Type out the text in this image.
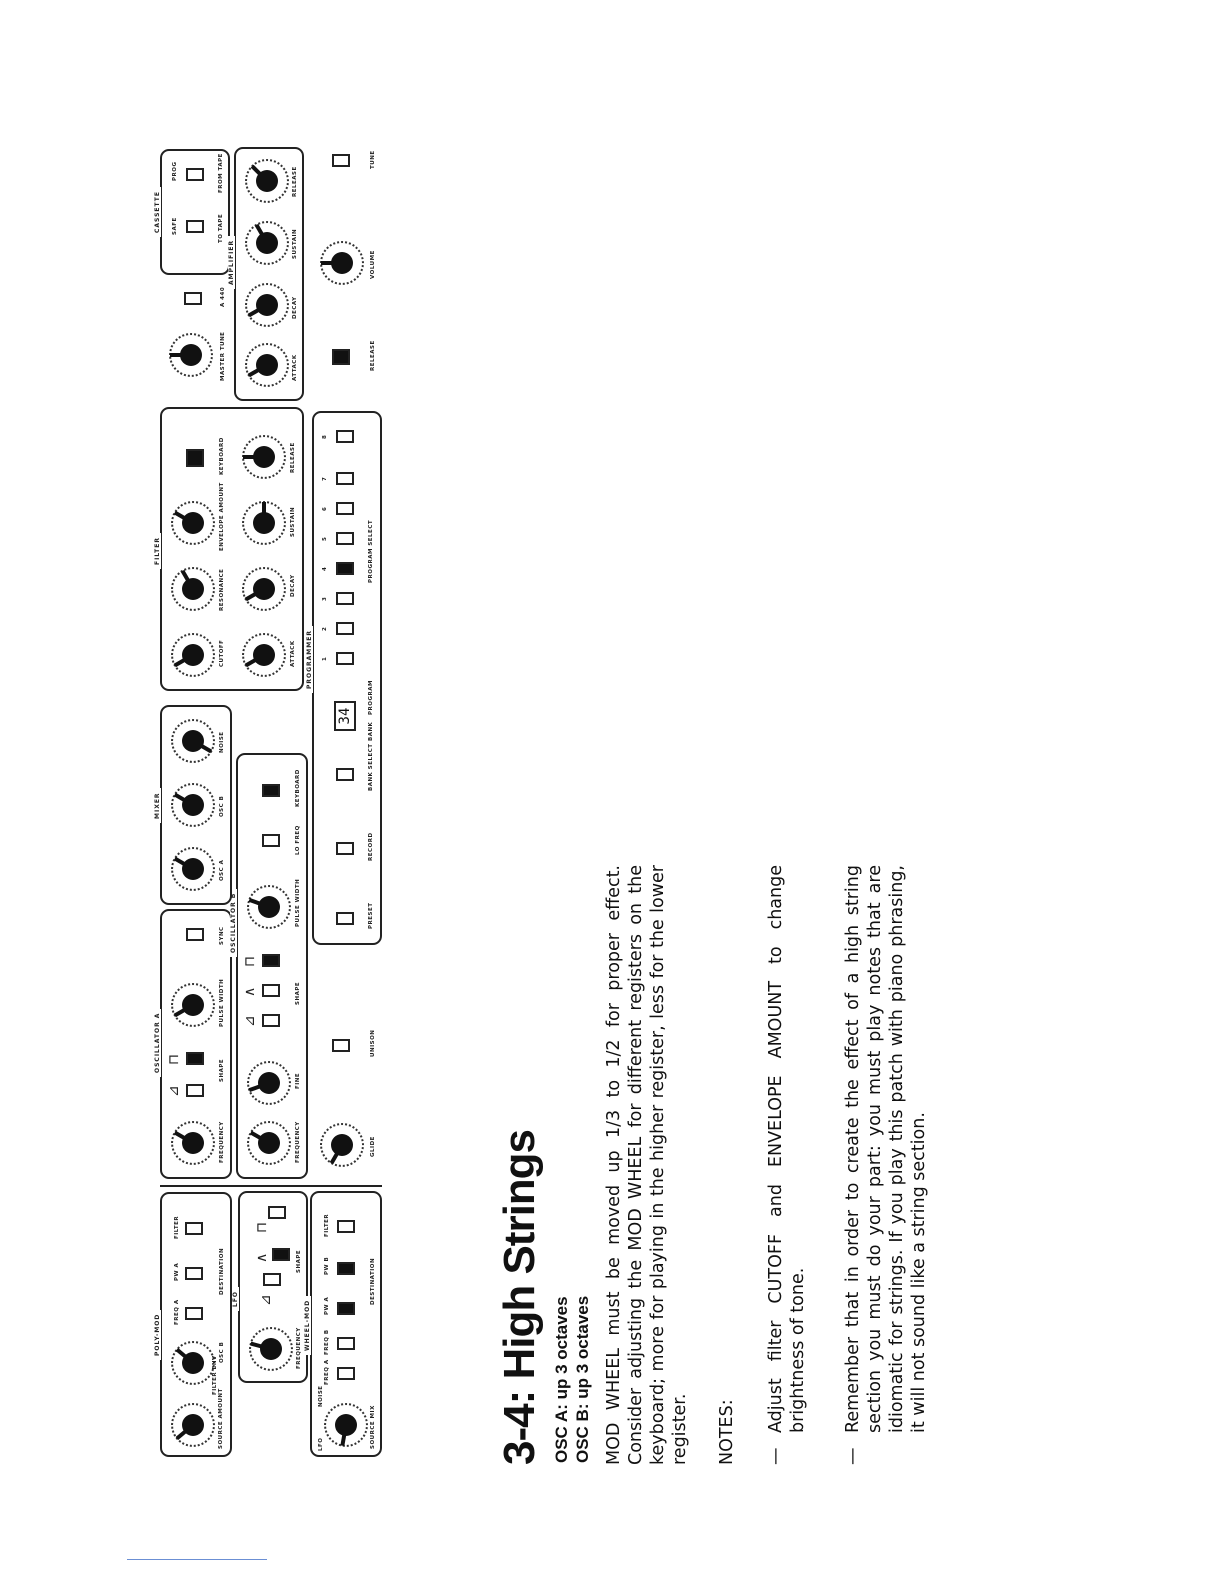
3-4: High Strings OSC A: up 3 octaves OSC B: up 3 octaves MOD WHEEL must be moved up 1/3 to 1/2 for proper effect. Consider adjusting the MOD WHEEL for different registers on the keyboard; more for playing in the higher register, less for the lower register. NOTES: —
Adjust filter CUTOFF and ENVELOPE AMOUNT to change brightness of tone.
—
Remember that in order to create the effect of a high string section you must do your part: you must play notes that are idiomatic for strings. If you play this patch with piano phrasing, it will not sound like a string section.
POLY-MOD
SOURCE AMOUNT
FILTER ENV
OSC B
FREQ A
PW A
FILTER
DESTINATION
LFO ⊿
∧
⊓
FREQUENCY
SHAPE
WHEEL-MOD
LFO
NOISE
FREQ A
FREQ B
PW A
PW B
FILTER
SOURCE MIX
DESTINATION
OSCILLATOR A
⊿
⊓
FREQUENCY
SHAPE
PULSE WIDTH
SYNC OSCILLATOR B
⊿
∧
⊓
FREQUENCY
FINE
SHAPE
PULSE WIDTH
LO FREQ
KEYBOARD
GLIDE
UNISON
MIXER
OSC A
OSC B
NOISE
PROGRAMMER
34
1
2
3
4
5
6
7
8
PRESET
RECORD
BANK SELECT
BANK
PROGRAM
PROGRAM SELECT
FILTER
CUTOFF
RESONANCE
ENVELOPE AMOUNT
KEYBOARD
ATTACK
DECAY
SUSTAIN
RELEASE
MASTER TUNE
A 440
CASSETTE SAFE	TO TAPE
FROM TAPE
PROG
AMPLIFIER
ATTACK
DECAY
SUSTAIN
RELEASE
RELEASE
VOLUME
TUNE
